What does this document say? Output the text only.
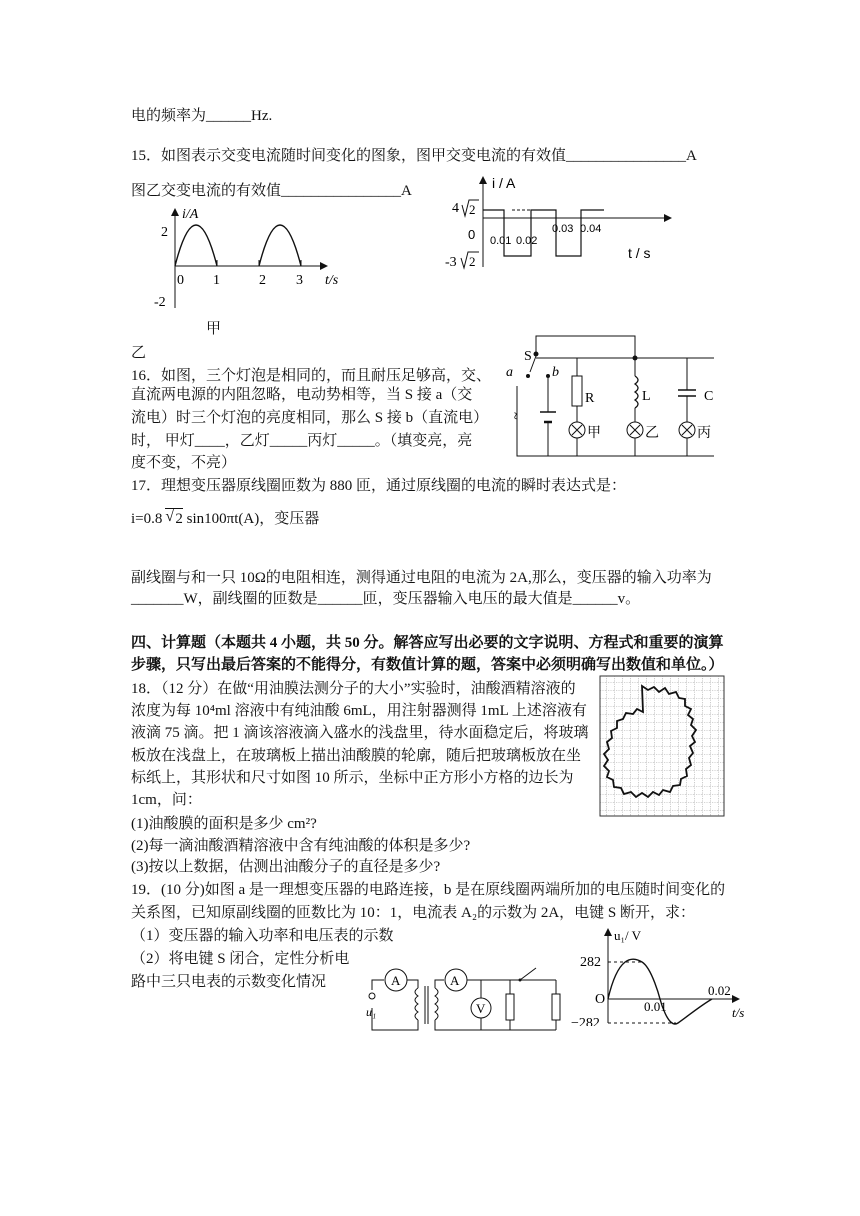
电的频率为______Hz.
15．如图表示交变电流随时间变化的图象，图甲交变电流的有效值________________A
图乙交变电流的有效值________________A
i/A
2
-2
0 1	2 3 t/s
i / A
4 2
0
-3 2
0.01 0.02
0.03 0.04
t / s
甲
乙
16．如图，三个灯泡是相同的，而且耐压足够高，交、
直流两电源的内阻忽略，电动势相等，当 S 接 a（交
流电）时三个灯泡的亮度相同，那么 S 接 b（直流电）
时， 甲灯____，乙灯_____丙灯_____。（填变亮，亮
度不变，不亮）
S
a	b
R	L	C
~
甲	乙	丙
17．理想变压器原线圈匝数为 880 匝，通过原线圈的电流的瞬时表达式是：
i=0.8 √ 2 sin100πt(A)，变压器
副线圈与和一只 10Ω的电阻相连，测得通过电阻的电流为 2A,那么，变压器的输入功率为
_______W，副线圈的匝数是______匝，变压器输入电压的最大值是______v。
四、计算题（本题共 4 小题，共 50 分。解答应写出必要的文字说明、方程式和重要的演算
步骤，只写出最后答案的不能得分，有数值计算的题，答案中必须明确写出数值和单位。）
18．（12 分）在做“用油膜法测分子的大小”实验时，油酸酒精溶液的
浓度为每 10⁴ml 溶液中有纯油酸 6mL，用注射器测得 1mL 上述溶液有
液滴 75 滴。把 1 滴该溶液滴入盛水的浅盘里，待水面稳定后，将玻璃
板放在浅盘上，在玻璃板上描出油酸膜的轮廓，随后把玻璃板放在坐
标纸上，其形状和尺寸如图 10 所示，坐标中正方形小方格的边长为
1cm，问：
(1)油酸膜的面积是多少 cm²?
(2)每一滴油酸酒精溶液中含有纯油酸的体积是多少?
(3)按以上数据，估测出油酸分子的直径是多少?
19．(10 分)如图 a 是一理想变压器的电路连接，b 是在原线圈两端所加的电压随时间变化的
关系图，已知原副线圈的匝数比为 10：1，电流表 A₂的示数为 2A，电键 S 断开，求：
（1）变压器的输入功率和电压表的示数
（2）将电键 S 闭合，定性分析电
路中三只电表的示数变化情况	A
u₁
A
V
u₁/ V
282
O
−282
0.01
0.02
t/s
